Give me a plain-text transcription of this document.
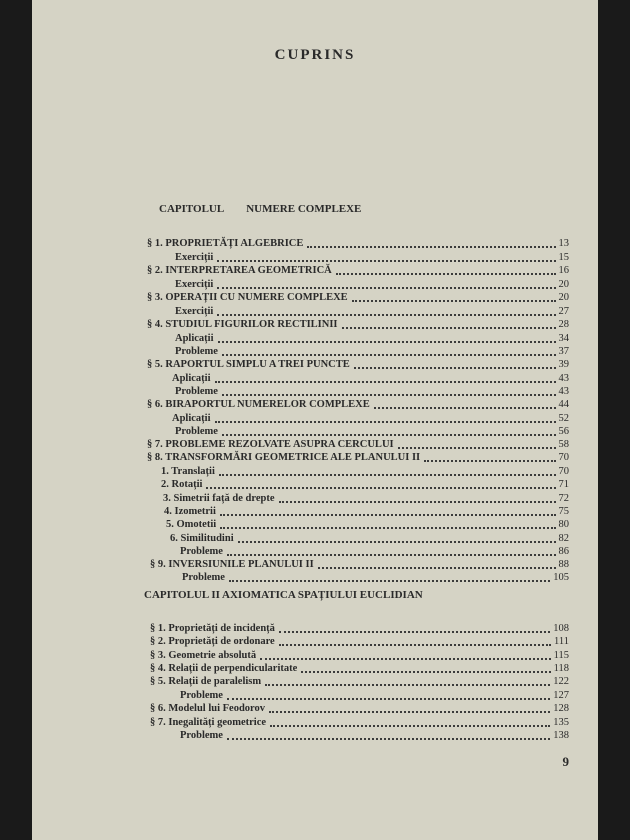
CUPRINS
CAPITOLUL NUMERE COMPLEXE
CAPITOLUL II AXIOMATICA SPAȚIULUI EUCLIDIAN
§ 1. PROPRIETĂȚI ALGEBRICE	13
Exerciții	15
§ 2. INTERPRETAREA GEOMETRICĂ	16
Exerciții	20
§ 3. OPERAȚII CU NUMERE COMPLEXE	20
Exerciții	27
§ 4. STUDIUL FIGURILOR RECTILINII	28
Aplicații	34
Probleme	37
§ 5. RAPORTUL SIMPLU A TREI PUNCTE	39
Aplicații	43
Probleme	43
§ 6. BIRAPORTUL NUMERELOR COMPLEXE	44
Aplicații	52
Probleme	56
§ 7. PROBLEME REZOLVATE ASUPRA CERCULUI	58
§ 8. TRANSFORMĂRI GEOMETRICE ALE PLANULUI II	70
1. Translații	70
2. Rotații	71
3. Simetrii față de drepte	72
4. Izometrii	75
5. Omotetii	80
6. Similitudini	82
Probleme	86
§ 9. INVERSIUNILE PLANULUI II	88
Probleme	105
§ 1. Proprietăți de incidență	108
§ 2. Proprietăți de ordonare	111
§ 3. Geometrie absolută	115
§ 4. Relații de perpendicularitate	118
§ 5. Relații de paralelism	122
Probleme	127
§ 6. Modelul lui Feodorov	128
§ 7. Inegalități geometrice	135
Probleme	138
9
